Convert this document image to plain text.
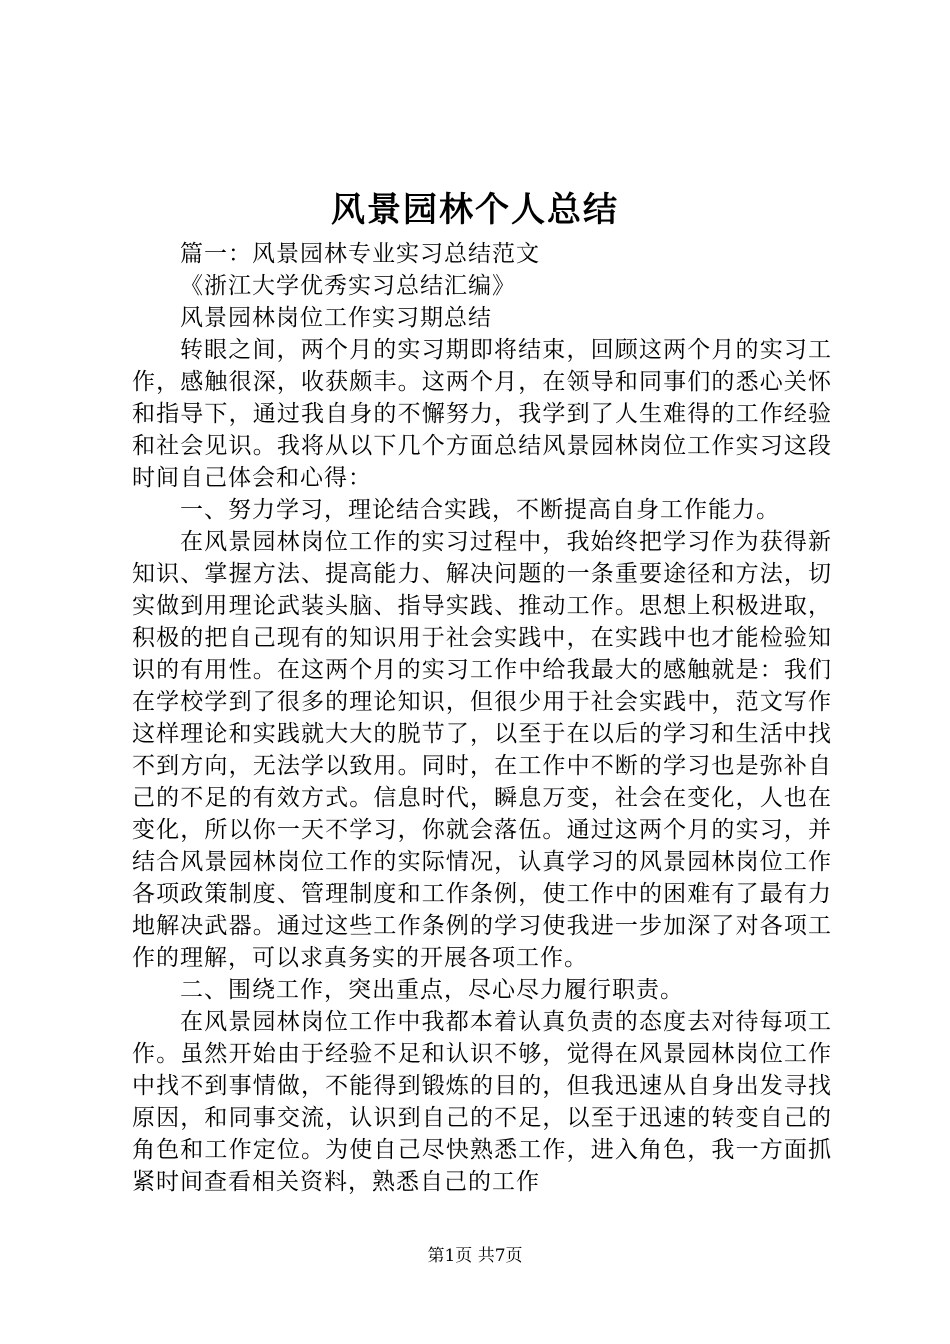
风景园林个人总结

篇一：风景园林专业实习总结范文

《浙江大学优秀实习总结汇编》

风景园林岗位工作实习期总结

转眼之间，两个月的实习期即将结束，回顾这两个月的实习工作，感触很深，收获颇丰。这两个月，在领导和同事们的悉心关怀和指导下，通过我自身的不懈努力，我学到了人生难得的工作经验和社会见识。我将从以下几个方面总结风景园林岗位工作实习这段时间自己体会和心得：

一、努力学习，理论结合实践，不断提高自身工作能力。

在风景园林岗位工作的实习过程中，我始终把学习作为获得新知识、掌握方法、提高能力、解决问题的一条重要途径和方法，切实做到用理论武装头脑、指导实践、推动工作。思想上积极进取，积极的把自己现有的知识用于社会实践中，在实践中也才能检验知识的有用性。在这两个月的实习工作中给我最大的感触就是：我们在学校学到了很多的理论知识，但很少用于社会实践中，范文写作这样理论和实践就大大的脱节了，以至于在以后的学习和生活中找不到方向，无法学以致用。同时，在工作中不断的学习也是弥补自己的不足的有效方式。信息时代，瞬息万变，社会在变化，人也在变化，所以你一天不学习，你就会落伍。通过这两个月的实习，并结合风景园林岗位工作的实际情况，认真学习的风景园林岗位工作各项政策制度、管理制度和工作条例，使工作中的困难有了最有力地解决武器。通过这些工作条例的学习使我进一步加深了对各项工作的理解，可以求真务实的开展各项工作。

二、围绕工作，突出重点，尽心尽力履行职责。

在风景园林岗位工作中我都本着认真负责的态度去对待每项工作。虽然开始由于经验不足和认识不够，觉得在风景园林岗位工作中找不到事情做，不能得到锻炼的目的，但我迅速从自身出发寻找原因，和同事交流，认识到自己的不足，以至于迅速的转变自己的角色和工作定位。为使自己尽快熟悉工作，进入角色，我一方面抓紧时间查看相关资料，熟悉自己的工作

第1页 共7页
